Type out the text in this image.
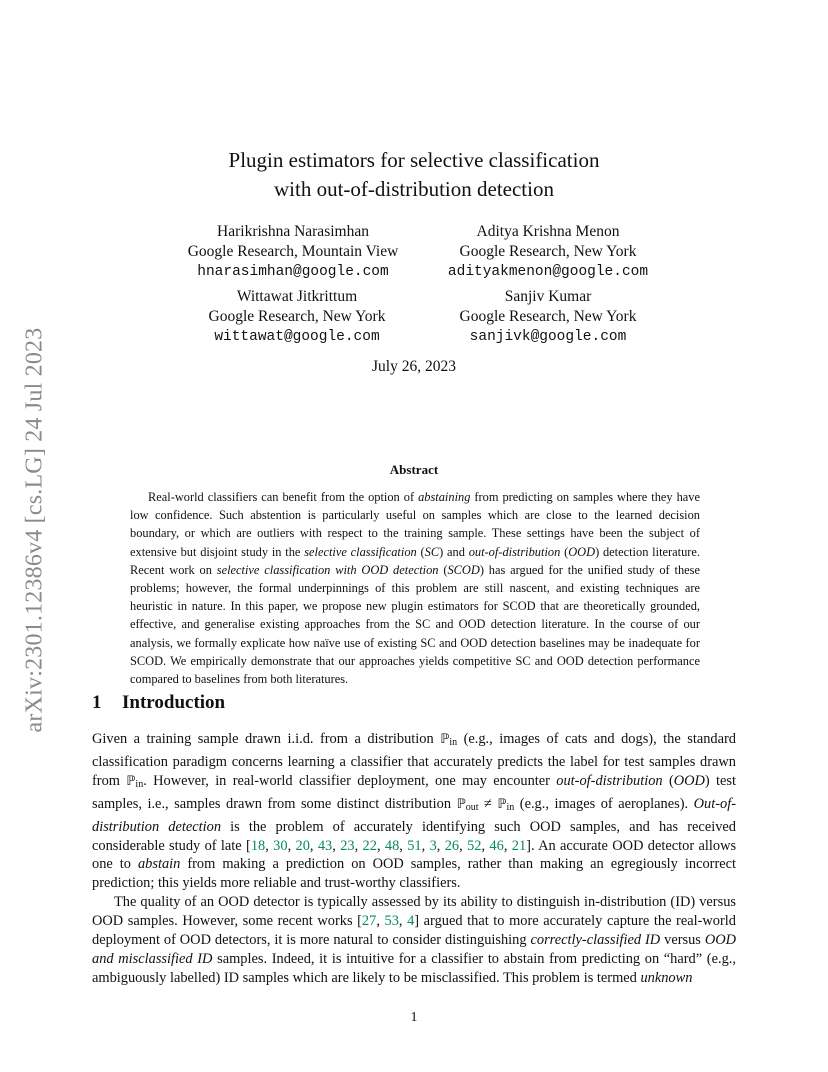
arXiv:2301.12386v4 [cs.LG] 24 Jul 2023
Plugin estimators for selective classification
with out-of-distribution detection
Harikrishna Narasimhan
Google Research, Mountain View
hnarasimhan@google.com
Aditya Krishna Menon
Google Research, New York
adityakmenon@google.com
Wittawat Jitkrittum
Google Research, New York
wittawat@google.com
Sanjiv Kumar
Google Research, New York
sanjivk@google.com
July 26, 2023
Abstract
Real-world classifiers can benefit from the option of abstaining from predicting on samples where they have low confidence. Such abstention is particularly useful on samples which are close to the learned decision boundary, or which are outliers with respect to the training sample. These settings have been the subject of extensive but disjoint study in the selective classification (SC) and out-of-distribution (OOD) detection literature. Recent work on selective classification with OOD detection (SCOD) has argued for the unified study of these problems; however, the formal underpinnings of this problem are still nascent, and existing techniques are heuristic in nature. In this paper, we propose new plugin estimators for SCOD that are theoretically grounded, effective, and generalise existing approaches from the SC and OOD detection literature. In the course of our analysis, we formally explicate how naïve use of existing SC and OOD detection baselines may be inadequate for SCOD. We empirically demonstrate that our approaches yields competitive SC and OOD detection performance compared to baselines from both literatures.
1 Introduction

Given a training sample drawn i.i.d. from a distribution ℙ$_{in}$ (e.g., images of cats and dogs), the standard classification paradigm concerns learning a classifier that accurately predicts the label for test samples drawn from ℙ$_{in}$. However, in real-world classifier deployment, one may encounter out-of-distribution (OOD) test samples, i.e., samples drawn from some distinct distribution ℙ$_{out}$ ≠ ℙ$_{in}$ (e.g., images of aeroplanes). Out-of-distribution detection is the problem of accurately identifying such OOD samples, and has received considerable study of late [18, 30, 20, 43, 23, 22, 48, 51, 3, 26, 52, 46, 21]. An accurate OOD detector allows one to abstain from making a prediction on OOD samples, rather than making an egregiously incorrect prediction; this yields more reliable and trust-worthy classifiers.

The quality of an OOD detector is typically assessed by its ability to distinguish in-distribution (ID) versus OOD samples. However, some recent works [27, 53, 4] argued that to more accurately capture the real-world deployment of OOD detectors, it is more natural to consider distinguishing correctly-classified ID versus OOD and misclassified ID samples. Indeed, it is intuitive for a classifier to abstain from predicting on “hard” (e.g., ambiguously labelled) ID samples which are likely to be misclassified. This problem is termed unknown

1
